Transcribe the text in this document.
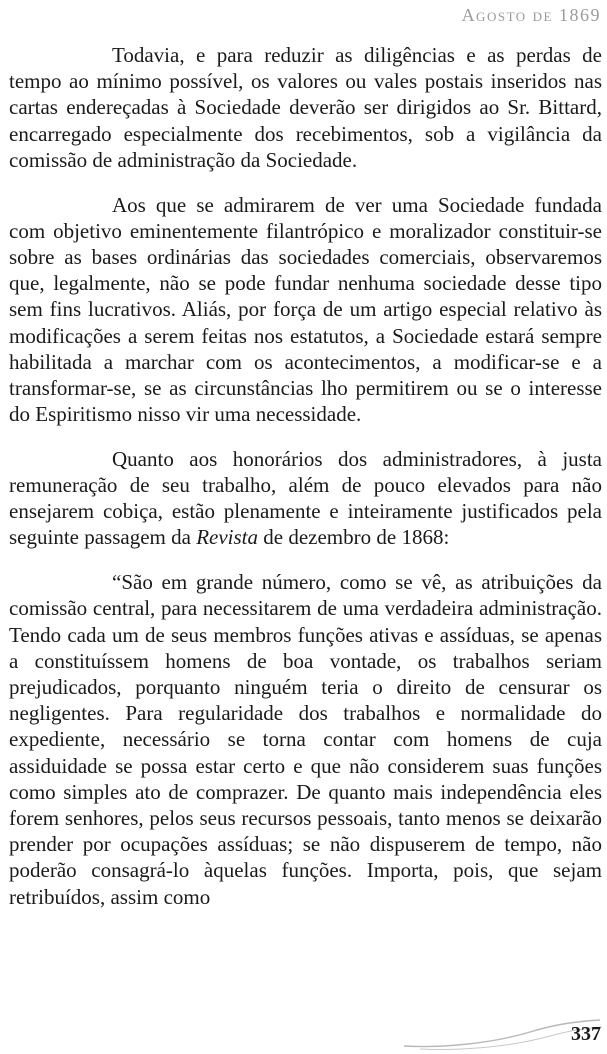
Agosto de 1869

Todavia, e para reduzir as diligências e as perdas de tempo ao mínimo possível, os valores ou vales postais inseridos nas cartas endereçadas à Sociedade deverão ser dirigidos ao Sr. Bittard, encarregado especialmente dos recebimentos, sob a vigilância da comissão de administração da Sociedade.

Aos que se admirarem de ver uma Sociedade fundada com objetivo eminentemente filantrópico e moralizador constituir-se sobre as bases ordinárias das sociedades comerciais, observaremos que, legalmente, não se pode fundar nenhuma sociedade desse tipo sem fins lucrativos. Aliás, por força de um artigo especial relativo às modificações a serem feitas nos estatutos, a Sociedade estará sempre habilitada a marchar com os acontecimentos, a modificar-se e a transformar-se, se as circunstâncias lho permitirem ou se o interesse do Espiritismo nisso vir uma necessidade.

Quanto aos honorários dos administradores, à justa remuneração de seu trabalho, além de pouco elevados para não ensejarem cobiça, estão plenamente e inteiramente justificados pela seguinte passagem da Revista de dezembro de 1868:

“São em grande número, como se vê, as atribuições da comissão central, para necessitarem de uma verdadeira administração. Tendo cada um de seus membros funções ativas e assíduas, se apenas a constituíssem homens de boa vontade, os trabalhos seriam prejudicados, porquanto ninguém teria o direito de censurar os negligentes. Para regularidade dos trabalhos e normalidade do expediente, necessário se torna contar com homens de cuja assiduidade se possa estar certo e que não considerem suas funções como simples ato de comprazer. De quanto mais independência eles forem senhores, pelos seus recursos pessoais, tanto menos se deixarão prender por ocupações assíduas; se não dispuserem de tempo, não poderão consagrá-lo àquelas funções. Importa, pois, que sejam retribuídos, assim como

337
